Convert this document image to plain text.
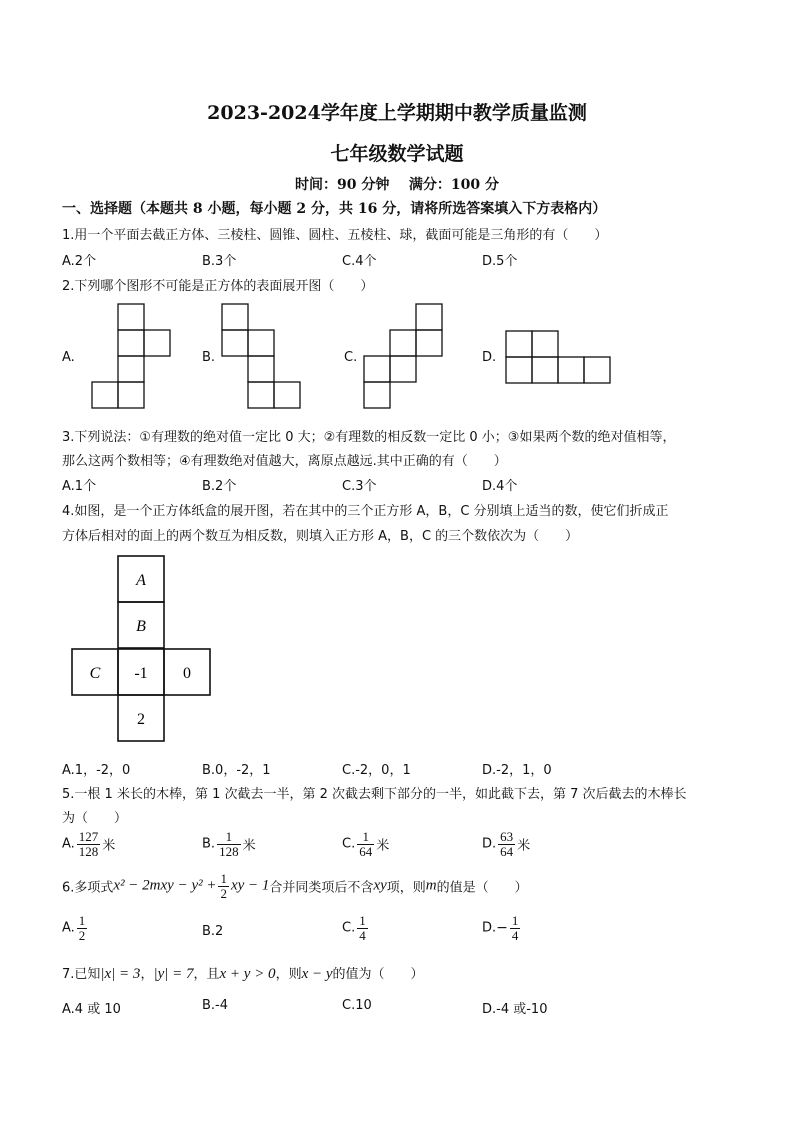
2023-2024学年度上学期期中教学质量监测
七年级数学试题
时间：90 分钟    满分：100 分
一、选择题（本题共 8 小题，每小题 2 分，共 16 分，请将所选答案填入下方表格内）
1.用一个平面去截正方体、三棱柱、圆锥、圆柱、五棱柱、球，截面可能是三角形的有（　　）
A.2个	B.3个	C.4个	D.5个
2.下列哪个图形不可能是正方体的表面展开图（　　）
A.	B.	C.	D.
3.下列说法：①有理数的绝对值一定比 0 大；②有理数的相反数一定比 0 小；③如果两个数的绝对值相等，
那么这两个数相等；④有理数绝对值越大，离原点越远.其中正确的有（　　）
A.1个	B.2个	C.3个	D.4个
4.如图，是一个正方体纸盒的展开图，若在其中的三个正方形 A，B，C 分别填上适当的数，使它们折成正
方体后相对的面上的两个数互为相反数，则填入正方形 A，B，C 的三个数依次为（　　）
A
B
C -1 0
2
A.1，-2，0	B.0，-2，1	C.-2，0，1	D.-2，1，0
5.一根 1 米长的木棒，第 1 次截去一半，第 2 次截去剩下部分的一半，如此截下去，第 7 次后截去的木棒长
为（　　）
A. $\frac{127}{128}$ 米	B. $\frac{1}{128}$ 米	C. $\frac{1}{64}$ 米	D. $\frac{63}{64}$ 米
6.多项式$x^2 - 2mxy - y^2 + \frac{1}{2}$ xy − 1合并同类项后不含xy项，则m的值是（　　）
A. $\frac{1}{2}$	B.2	C. $\frac{1}{4}$	$D.- \frac{1}{4}$
7.已知|x| = 3，|y| = 7，且x + y > 0，则x − y的值为（　　）
A.4 或 10	B.-4	C.10	D.-4 或-10
